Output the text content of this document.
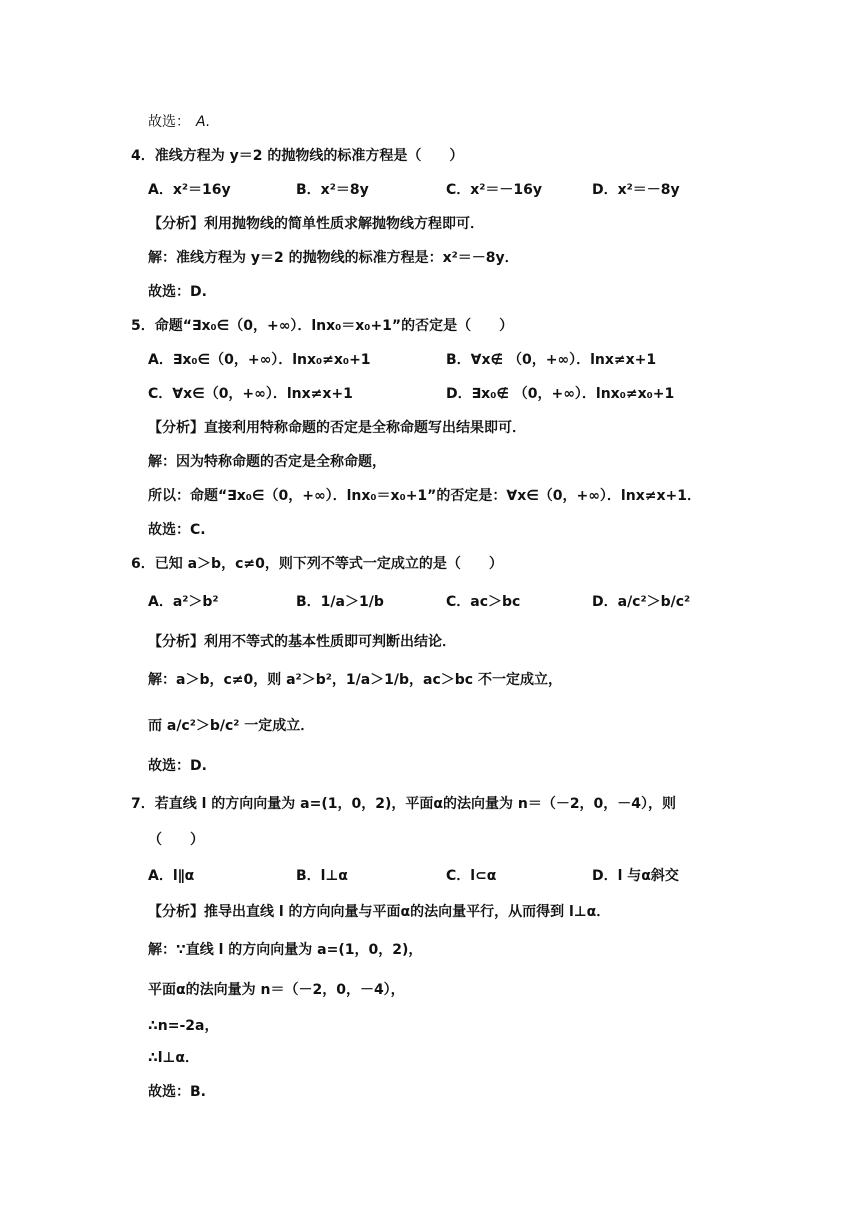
故选： A.
4．准线方程为 y＝2 的抛物线的标准方程是（　　）
A．x²＝16y	B．x²＝8y	C．x²＝－16y	D．x²＝－8y
【分析】利用抛物线的简单性质求解抛物线方程即可．
解：准线方程为 y＝2 的抛物线的标准方程是：x²＝－8y．
故选：D.
5．命题“∃x₀∈（0，+∞）．lnx₀＝x₀+1”的否定是（　　）
A．∃x₀∈（0，+∞）．lnx₀≠x₀+1	B．∀x∉ （0，+∞）．lnx≠x+1
C．∀x∈（0，+∞）．lnx≠x+1	D．∃x₀∉ （0，+∞）．lnx₀≠x₀+1
【分析】直接利用特称命题的否定是全称命题写出结果即可．
解：因为特称命题的否定是全称命题，
所以：命题“∃x₀∈（0，+∞）．lnx₀＝x₀+1”的否定是：∀x∈（0，+∞）．lnx≠x+1．
故选：C.
6．已知 a＞b，c≠0，则下列不等式一定成立的是（　　）
A．a²＞b²	B．1/a＞1/b	C．ac＞bc	D．a/c²＞b/c²
【分析】利用不等式的基本性质即可判断出结论．
解：a＞b，c≠0，则 a²＞b²，1/a＞1/b，ac＞bc 不一定成立，
而 a/c²＞b/c² 一定成立．
故选：D.
7．若直线 l 的方向向量为 a=(1，0，2)，平面α的法向量为 n＝（－2，0，－4），则
（　　）
A．l∥α	B．l⊥α	C．l⊂α	D．l 与α斜交
【分析】推导出直线 l 的方向向量与平面α的法向量平行，从而得到 l⊥α．
解：∵直线 l 的方向向量为 a=(1，0，2)，
平面α的法向量为 n＝（－2，0，－4），
∴n=-2a，
∴l⊥α．
故选：B.
